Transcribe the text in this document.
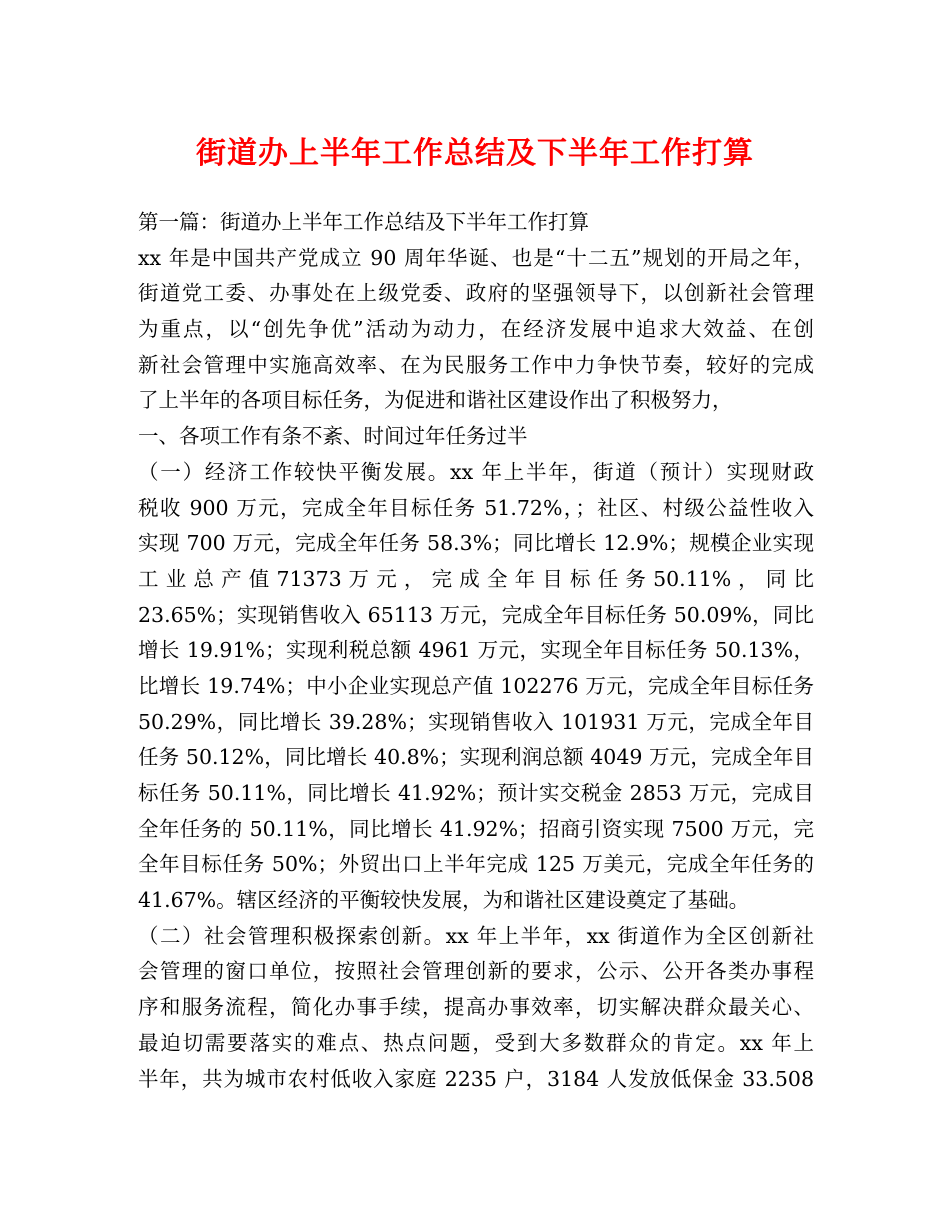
街道办上半年工作总结及下半年工作打算
第一篇：街道办上半年工作总结及下半年工作打算
xx 年是中国共产党成立 90 周年华诞、也是“十二五”规划的开局之年，
街道党工委、办事处在上级党委、政府的坚强领导下，以创新社会管理
为重点，以“创先争优”活动为动力，在经济发展中追求大效益、在创
新社会管理中实施高效率、在为民服务工作中力争快节奏，较好的完成
了上半年的各项目标任务，为促进和谐社区建设作出了积极努力，
一、各项工作有条不紊、时间过年任务过半
（一）经济工作较快平衡发展。xx 年上半年，街道（预计）实现财政
税收 900 万元，完成全年目标任务 51.72%，；社区、村级公益性收入
实现 700 万元，完成全年任务 58.3%；同比增长 12.9%；规模企业实现
工 业 总 产 值 71373 万 元 ， 完 成 全 年 目 标 任 务 50.11% ， 同 比
23.65%；实现销售收入 65113 万元，完成全年目标任务 50.09%，同比
增长 19.91%；实现利税总额 4961 万元，实现全年目标任务 50.13%，
比增长 19.74%；中小企业实现总产值 102276 万元，完成全年目标任务
50.29%，同比增长 39.28%；实现销售收入 101931 万元，完成全年目
任务 50.12%，同比增长 40.8%；实现利润总额 4049 万元，完成全年目
标任务 50.11%，同比增长 41.92%；预计实交税金 2853 万元，完成目
全年任务的 50.11%，同比增长 41.92%；招商引资实现 7500 万元，完
全年目标任务 50%；外贸出口上半年完成 125 万美元，完成全年任务的
41.67%。辖区经济的平衡较快发展，为和谐社区建设奠定了基础。
（二）社会管理积极探索创新。xx 年上半年，xx 街道作为全区创新社
会管理的窗口单位，按照社会管理创新的要求，公示、公开各类办事程
序和服务流程，简化办事手续，提高办事效率，切实解决群众最关心、
最迫切需要落实的难点、热点问题，受到大多数群众的肯定。xx 年上
半年，共为城市农村低收入家庭 2235 户，3184 人发放低保金 33.508
